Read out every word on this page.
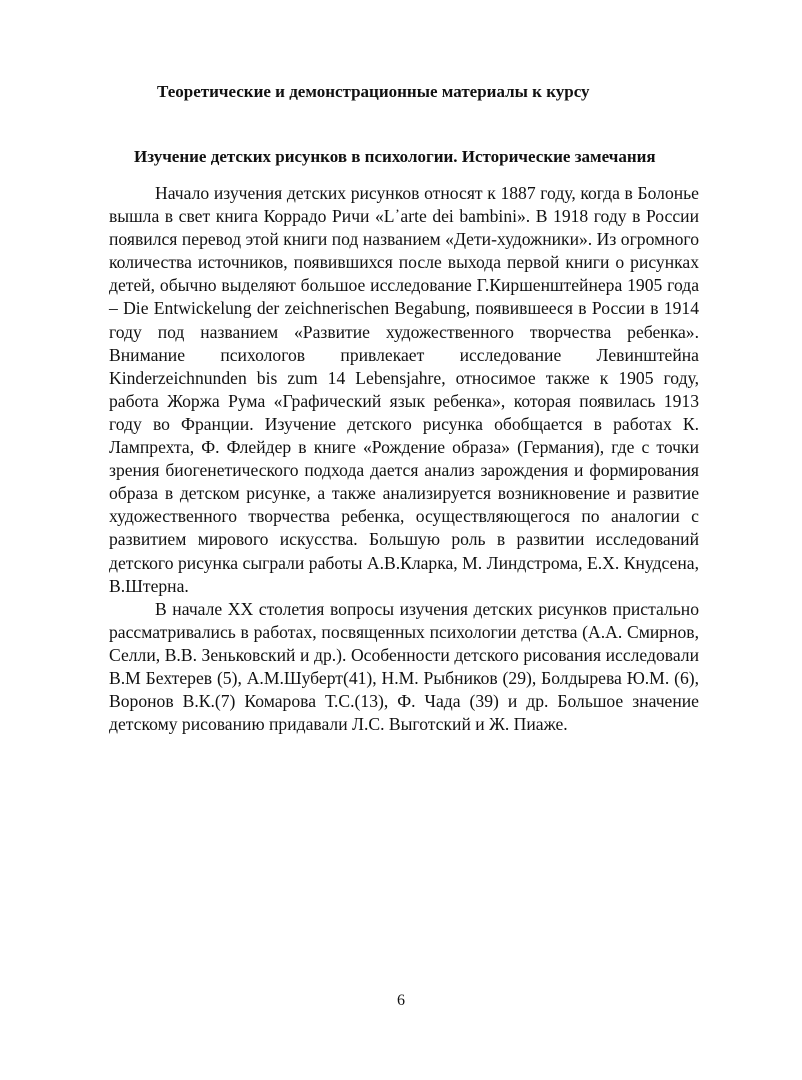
Теоретические и демонстрационные материалы к курсу
Изучение детских рисунков в психологии. Исторические замечания

Начало изучения детских рисунков относят к 1887 году, когда в Болонье вышла в свет книга Коррадо Ричи «L᾽arte dei bambini». В 1918 году в России появился перевод этой книги под названием «Дети-художники». Из огромного количества источников, появившихся после выхода первой книги о рисунках детей, обычно выделяют большое исследование Г.Киршенштейнера 1905 года – Die Entwickelung der zeichnerischen Begabung, появившееся в России в 1914 году под названием «Развитие художественного творчества ребенка». Внимание психологов привлекает исследование Левинштейна Kinderzeichnunden bis zum 14 Lebensjahre, относимое также к 1905 году, работа Жоржа Рума «Графический язык ребенка», которая появилась 1913 году во Франции. Изучение детского рисунка обобщается в работах К. Лампрехта, Ф. Флейдер в книге «Рождение образа» (Германия), где с точки зрения биогенетического подхода дается анализ зарождения и формирования образа в детском рисунке, а также анализируется возникновение и развитие художественного творчества ребенка, осуществляющегося по аналогии с развитием мирового искусства. Большую роль в развитии исследований детского рисунка сыграли работы А.В.Кларка, М. Линдстрома, Е.Х. Кнудсена, В.Штерна.

В начале XX столетия вопросы изучения детских рисунков пристально рассматривались в работах, посвященных психологии детства (А.А. Смирнов, Селли, В.В. Зеньковский и др.). Особенности детского рисования исследовали В.М Бехтерев (5), А.М.Шуберт(41), Н.М. Рыбников (29), Болдырева Ю.М. (6), Воронов В.К.(7) Комарова Т.С.(13), Ф. Чада (39) и др. Большое значение детскому рисованию придавали Л.С. Выготский и Ж. Пиаже.

6
